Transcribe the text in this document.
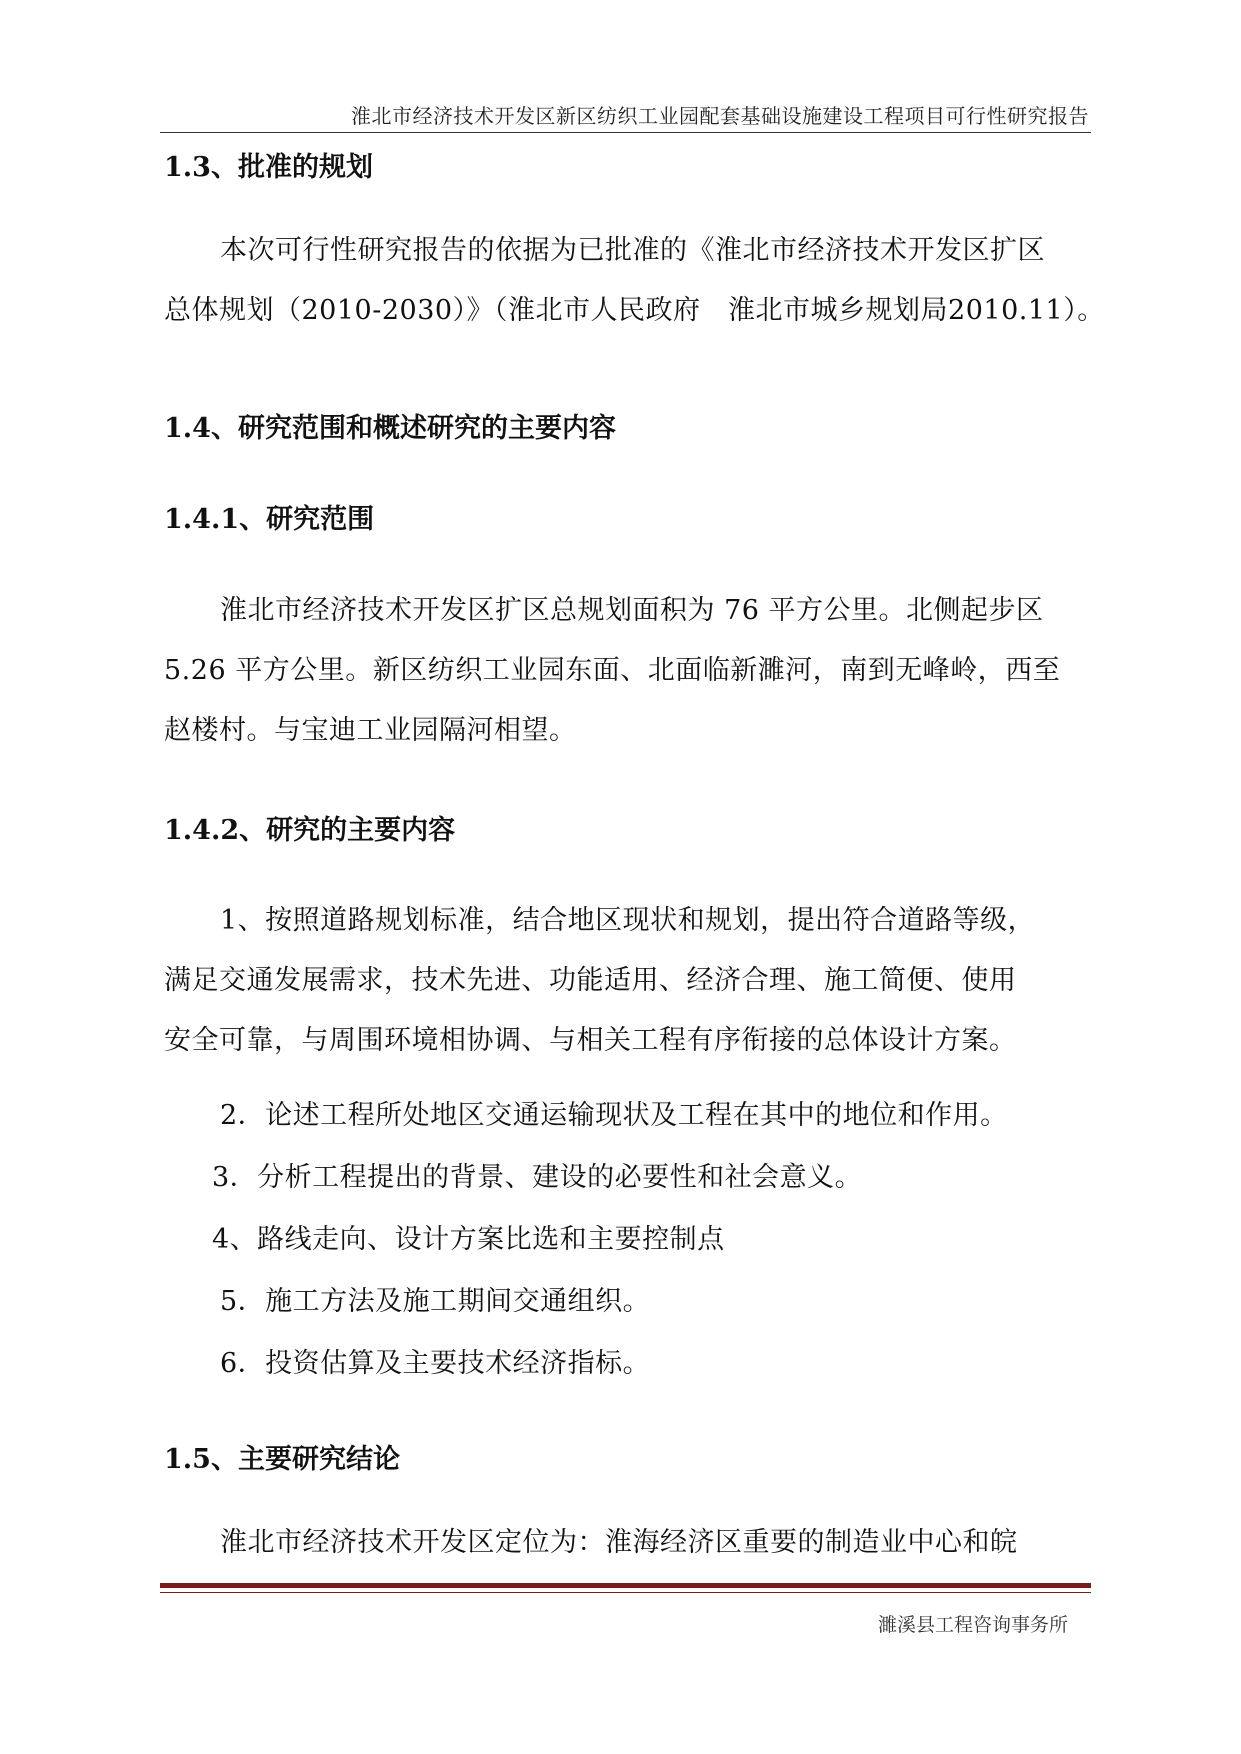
淮北市经济技术开发区新区纺织工业园配套基础设施建设工程项目可行性研究报告
1.3、批准的规划
本次可行性研究报告的依据为已批准的《淮北市经济技术开发区扩区
总体规划（2010-2030）》（淮北市人民政府　淮北市城乡规划局2010.11）。
1.4、研究范围和概述研究的主要内容
1.4.1、研究范围
淮北市经济技术开发区扩区总规划面积为 76 平方公里。北侧起步区
5.26 平方公里。新区纺织工业园东面、北面临新濉河，南到无峰岭，西至
赵楼村。与宝迪工业园隔河相望。
1.4.2、研究的主要内容
1、按照道路规划标准，结合地区现状和规划，提出符合道路等级，
满足交通发展需求，技术先进、功能适用、经济合理、施工简便、使用
安全可靠，与周围环境相协调、与相关工程有序衔接的总体设计方案。
2．论述工程所处地区交通运输现状及工程在其中的地位和作用。
3．分析工程提出的背景、建设的必要性和社会意义。
4、路线走向、设计方案比选和主要控制点
5．施工方法及施工期间交通组织。
6．投资估算及主要技术经济指标。
1.5、主要研究结论
淮北市经济技术开发区定位为：淮海经济区重要的制造业中心和皖
濉溪县工程咨询事务所
